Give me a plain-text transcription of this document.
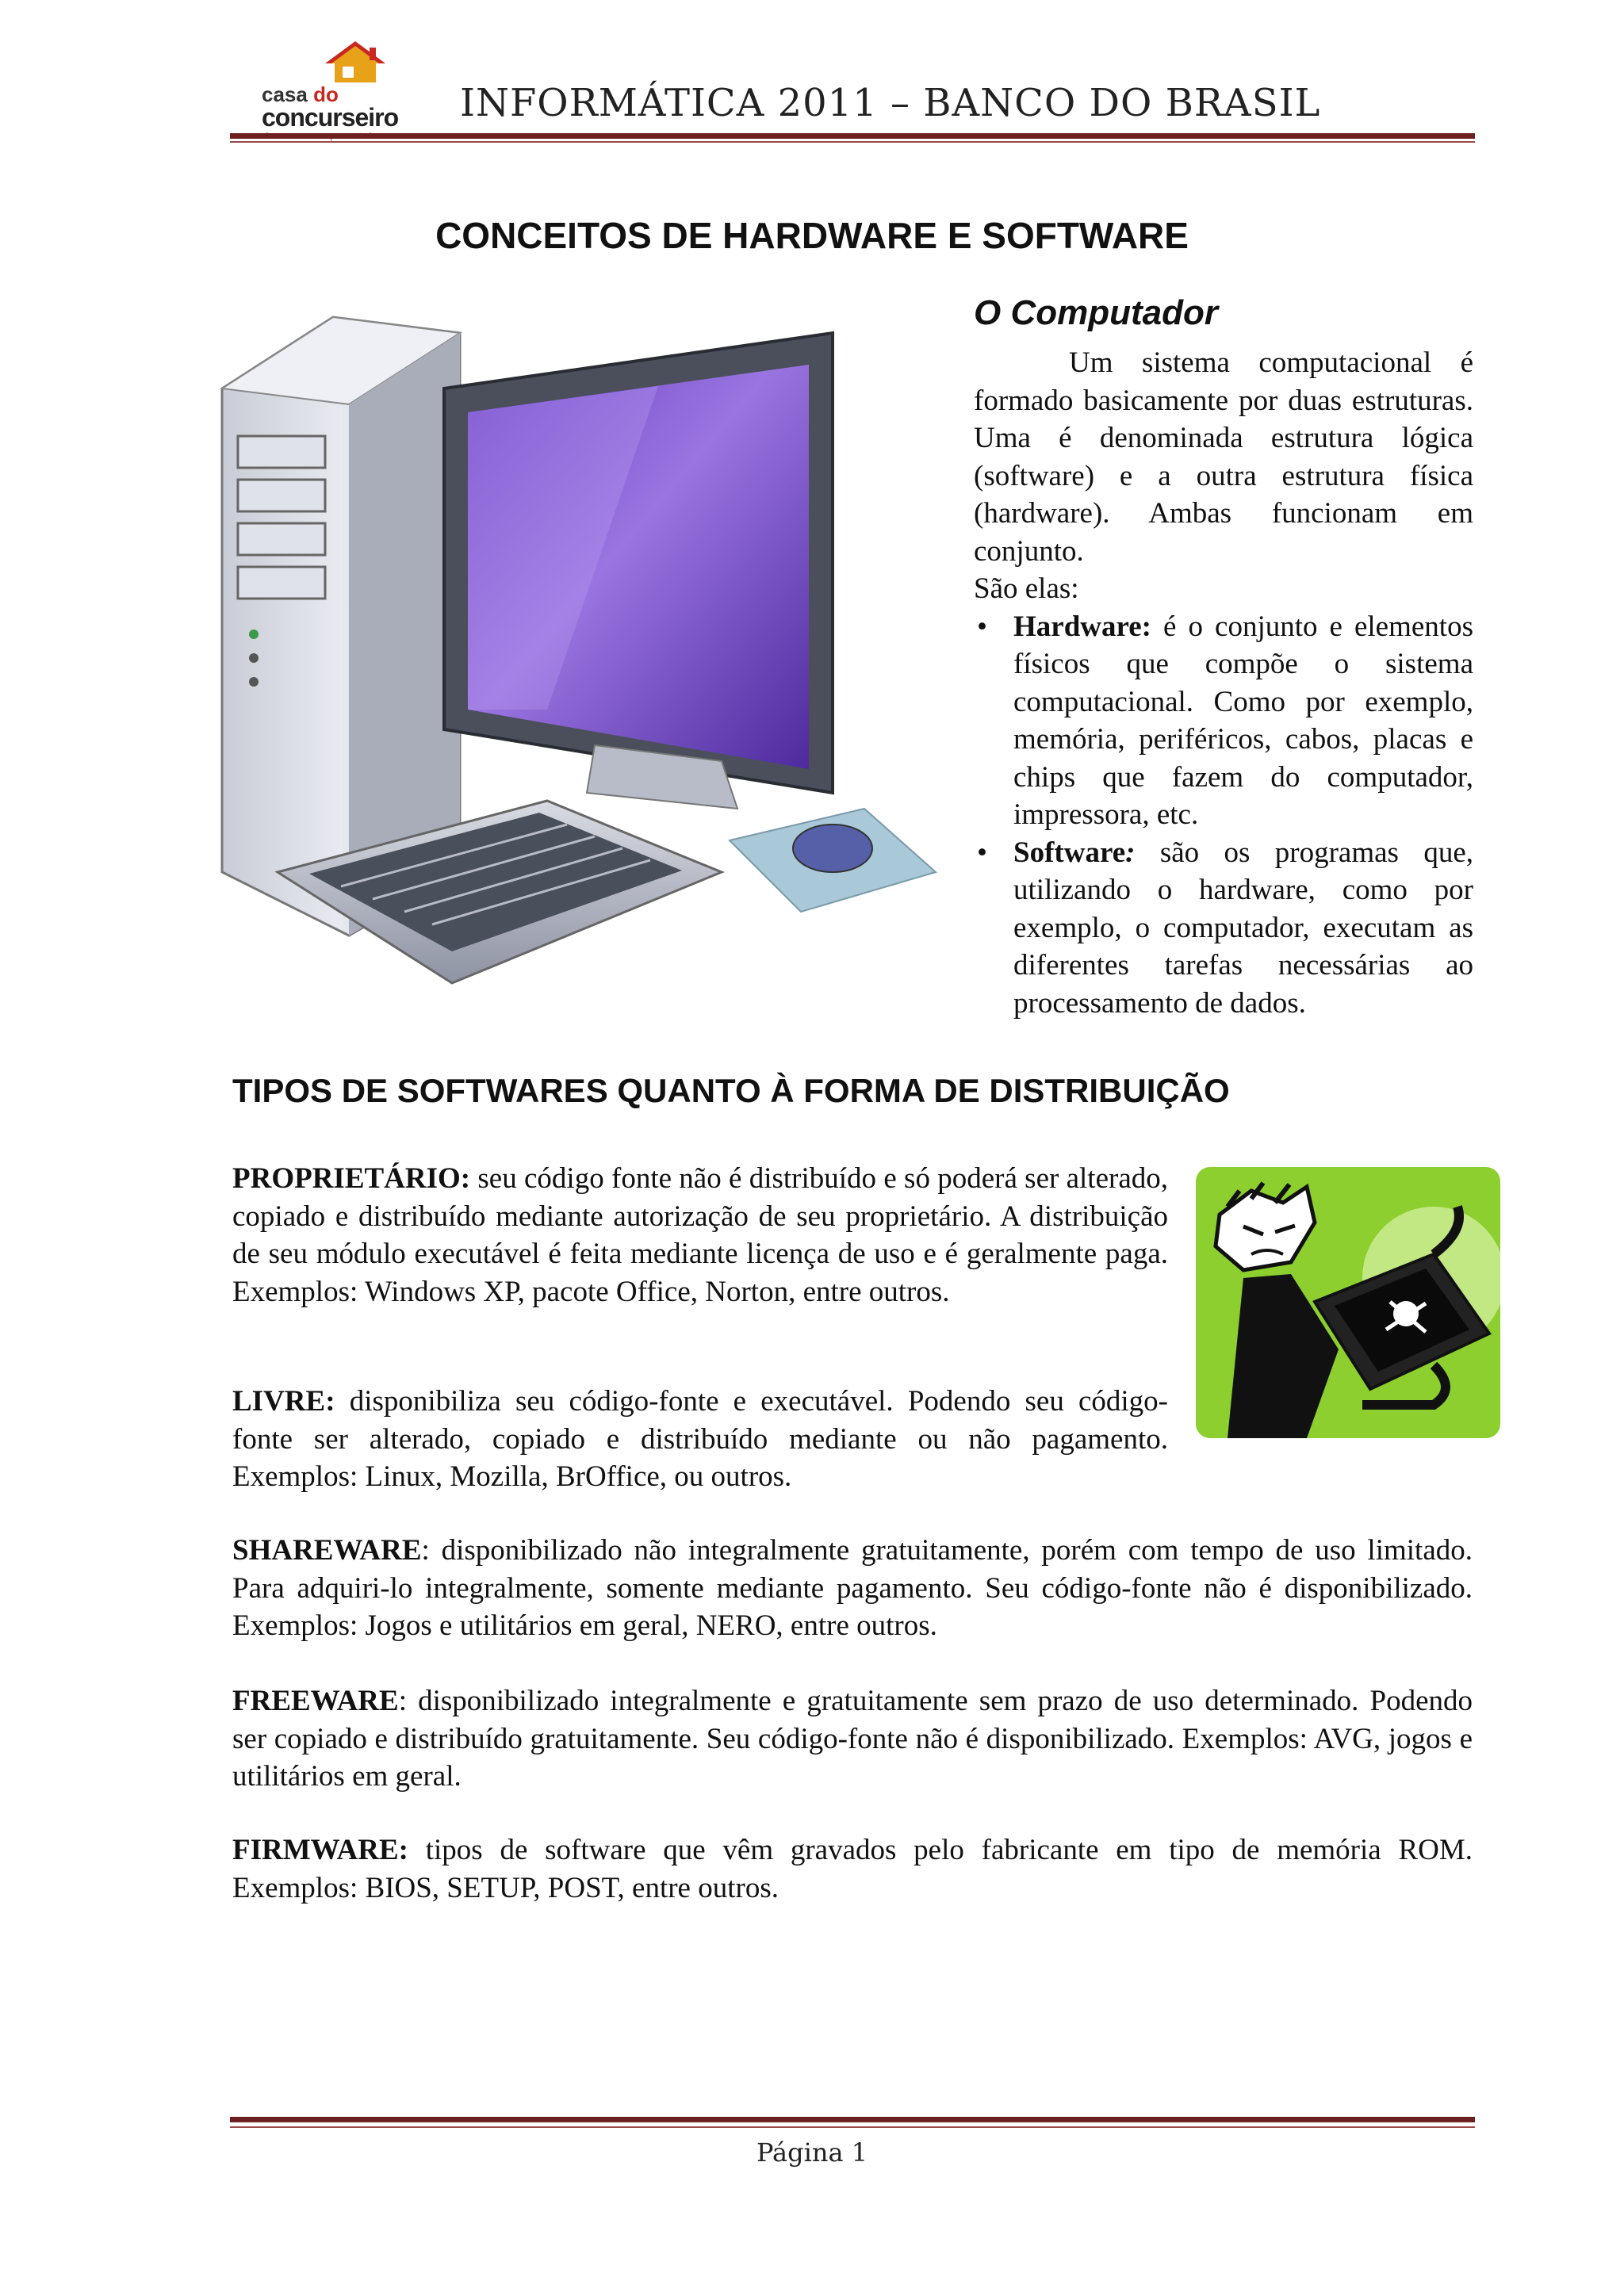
casa do
concurseiro INFORMÁTICA 2011 – BANCO DO BRASIL
CONCEITOS DE HARDWARE E SOFTWARE
O Computador

Um sistema computacional é formado basicamente por duas estruturas. Uma é denominada estrutura lógica (software) e a outra estrutura física (hardware). Ambas funcionam em conjunto.

São elas:

• Hardware: é o conjunto e elementos físicos que compõe o sistema computacional. Como por exemplo, memória, periféricos, cabos, placas e chips que fazem do computador, impressora, etc.

• Software: são os programas que, utilizando o hardware, como por exemplo, o computador, executam as diferentes tarefas necessárias ao processamento de dados.

TIPOS DE SOFTWARES QUANTO À FORMA DE DISTRIBUIÇÃO

PROPRIETÁRIO: seu código fonte não é distribuído e só poderá ser alterado, copiado e distribuído mediante autorização de seu proprietário. A distribuição de seu módulo executável é feita mediante licença de uso e é geralmente paga. Exemplos: Windows XP, pacote Office, Norton, entre outros.

LIVRE: disponibiliza seu código-fonte e executável. Podendo seu código-fonte ser alterado, copiado e distribuído mediante ou não pagamento. Exemplos: Linux, Mozilla, BrOffice, ou outros.

SHAREWARE: disponibilizado não integralmente gratuitamente, porém com tempo de uso limitado. Para adquiri-lo integralmente, somente mediante pagamento. Seu código-fonte não é disponibilizado. Exemplos: Jogos e utilitários em geral, NERO, entre outros.

FREEWARE: disponibilizado integralmente e gratuitamente sem prazo de uso determinado. Podendo ser copiado e distribuído gratuitamente. Seu código-fonte não é disponibilizado. Exemplos: AVG, jogos e utilitários em geral.

FIRMWARE: tipos de software que vêm gravados pelo fabricante em tipo de memória ROM. Exemplos: BIOS, SETUP, POST, entre outros.

Página 1
